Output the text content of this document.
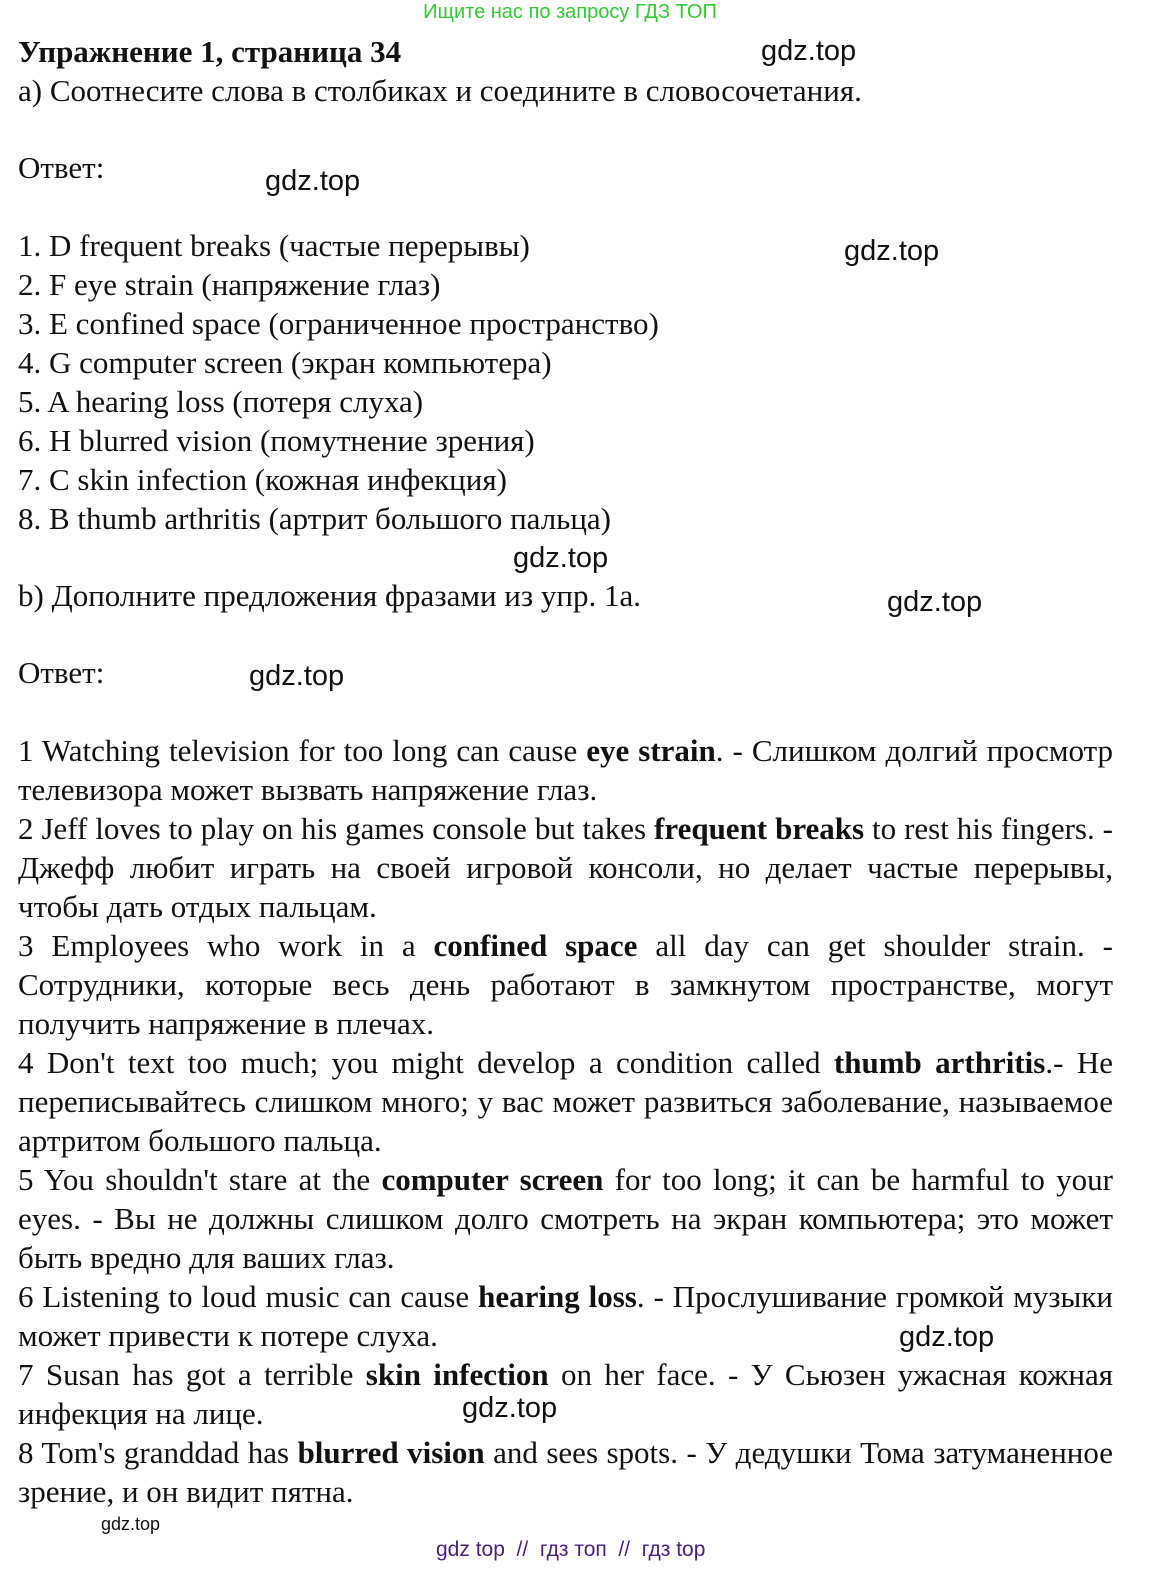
Ищите нас по запросу ГДЗ ТОП
Упражнение 1, страница 34
a) Соотнесите слова в столбиках и соедините в словосочетания.
Ответ:
1. D frequent breaks (частые перерывы)
2. F eye strain (напряжение глаз)
3. E confined space (ограниченное пространство)
4. G computer screen (экран компьютера)
5. A hearing loss (потеря слуха)
6. H blurred vision (помутнение зрения)
7. C skin infection (кожная инфекция)
8. B thumb arthritis (артрит большого пальца)
b) Дополните предложения фразами из упр. 1a.
Ответ:

1 Watching television for too long can cause eye strain. - Слишком долгий просмотр телевизора может вызвать напряжение глаз.

2 Jeff loves to play on his games console but takes frequent breaks to rest his fingers. - Джефф любит играть на своей игровой консоли, но делает частые перерывы, чтобы дать отдых пальцам.

3 Employees who work in a confined space all day can get shoulder strain. - Сотрудники, которые весь день работают в замкнутом пространстве, могут получить напряжение в плечах.

4 Don't text too much; you might develop a condition called thumb arthritis.- Не переписывайтесь слишком много; у вас может развиться заболевание, называемое артритом большого пальца.

5 You shouldn't stare at the computer screen for too long; it can be harmful to your eyes. - Вы не должны слишком долго смотреть на экран компьютера; это может быть вредно для ваших глаз.

6 Listening to loud music can cause hearing loss. - Прослушивание громкой музыки может привести к потере слуха.

7 Susan has got a terrible skin infection on her face. - У Сьюзен ужасная кожная инфекция на лице.

8 Tom's granddad has blurred vision and sees spots. - У дедушки Тома затуманенное зрение, и он видит пятна.

gdz.top
gdz.top
gdz.top
gdz.top
gdz.top
gdz.top
gdz.top
gdz.top
gdz.top
gdz top  //  гдз топ  //  гдз top
